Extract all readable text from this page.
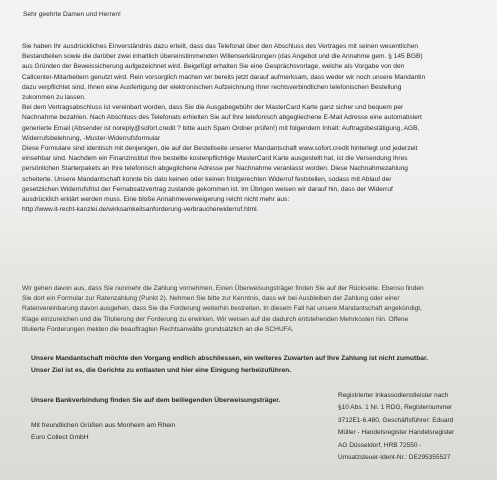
Sehr geehrte Damen und Herren!
Sie haben Ihr ausdrückliches Einverständnis dazu erteilt, dass das Telefonat über den Abschluss des Vertrages mit seinen wesentlichen
Bestandteilen sowie die darüber zwei inhaltlich übereinstimmenden Willenserklärungen (das Angebot und die Annahme gem. § 145 BGB)
aus Gründen der Beweissicherung aufgezeichnet wird. Beigefügt erhalten Sie eine Gesprächsvorlage, welche als Vorgabe von den
Callcenter-Mitarbeitern genutzt wird. Rein vorsorglich machen wir bereits jetzt darauf aufmerksam, dass weder wir noch unsere Mandantin
dazu verpflichtet sind, Ihnen eine Ausfertigung der elektronischen Aufzeichnung Ihrer rechtsverbindlichen telefonischen Bestellung
zukommen zu lassen.
Bei dem Vertragsabschluss ist vereinbart worden, dass Sie die Ausgabegebühr der MasterCard Karte ganz sicher und bequem per
Nachnahme bezahlen. Nach Abschluss des Telefonats erhielten Sie auf Ihre telefonisch abgegliechene E-Mail Adresse eine automatisiert
generierte Email (Absender ist noreply@sofort.credit ? bitte auch Spam Ordner prüfen!) mit folgendem Inhalt: Auftragsbestätigung, AGB,
Widerrufsbelehrung, -Muster-Widerrufsformular
Diese Formulare sind identisch mit denjenigen, die auf der Bestellseite unserer Mandantschaft www.sofort.credit hinterlegt und jederzeit
einsehbar sind. Nachdem ein Finanzinstitut Ihre bestellte kostenpflichtige MasterCard Karte ausgestellt hat, ist die Versendung Ihres
persönlichen Starterpakets an Ihre telefonisch abgeglichene Adresse per Nachnahme veranlasst worden. Diese Nachnahmezahlung
scheiterte. Unsere Mandantschaft konnte bis dato keinen oder keinen fristgerechten Widerruf feststellen, sodass mit Ablauf der
gesetzlichen Widerrufsfrist der Fernabsatzvertrag zustande gekommen ist. Im Übrigen weisen wir darauf hin, dass der Widerruf
ausdrücklich erklärt werden muss. Eine bloße Annahmeverweigerung reicht nicht mehr aus:
http://www.it-recht-kanzlei.de/wirksamkeitsanforderung-verbraucherwiderruf.html.
Wir gehen davon aus, dass Sie nunmehr die Zahlung vornehmen. Einen Überweisungsträger finden Sie auf der Rückseite. Ebenso finden
Sie dort ein Formular zur Ratenzahlung (Punkt 2). Nehmen Sie bitte zur Kenntnis, dass wir bei Ausbleiben der Zahlung oder einer
Ratenvereinbarung davon ausgehen, dass Sie die Forderung weiterhin bestreiten. In diesem Fall hat unsere Mandantschaft angekündigt,
Klage einzureichen und die Titulierung der Forderung zu erwirken. Wir weisen auf die dadurch entstehenden Mehrkosten hin. Offene
titulierte Forderungen melden die beauftragten Rechtsanwälte grundsätzlich an die SCHUFA.
Unsere Mandantschaft möchte den Vorgang endlich abschliessen, ein weiteres Zuwarten auf Ihre Zahlung ist nicht zumutbar.
Unser Ziel ist es, die Gerichte zu entlasten und hier eine Einigung herbeizuführen.
Unsere Bankverbindung finden Sie auf dem beiliegenden Überweisungsträger.
Mit freundlichen Grüßen aus Monheim am Rhein
Euro Collect GmbH
Registrierter Inkassodienstleister nach
§10 Abs. 1 Nr. 1 RDG, Registernummer
3712E1-6.480, Geschäftsführer: Eduard
Müller - Handelsregister Handelsregister
AG Düsseldorf, HRB 72550 -
Umsatzsteuer-Ident-Nr.: DE295355527
